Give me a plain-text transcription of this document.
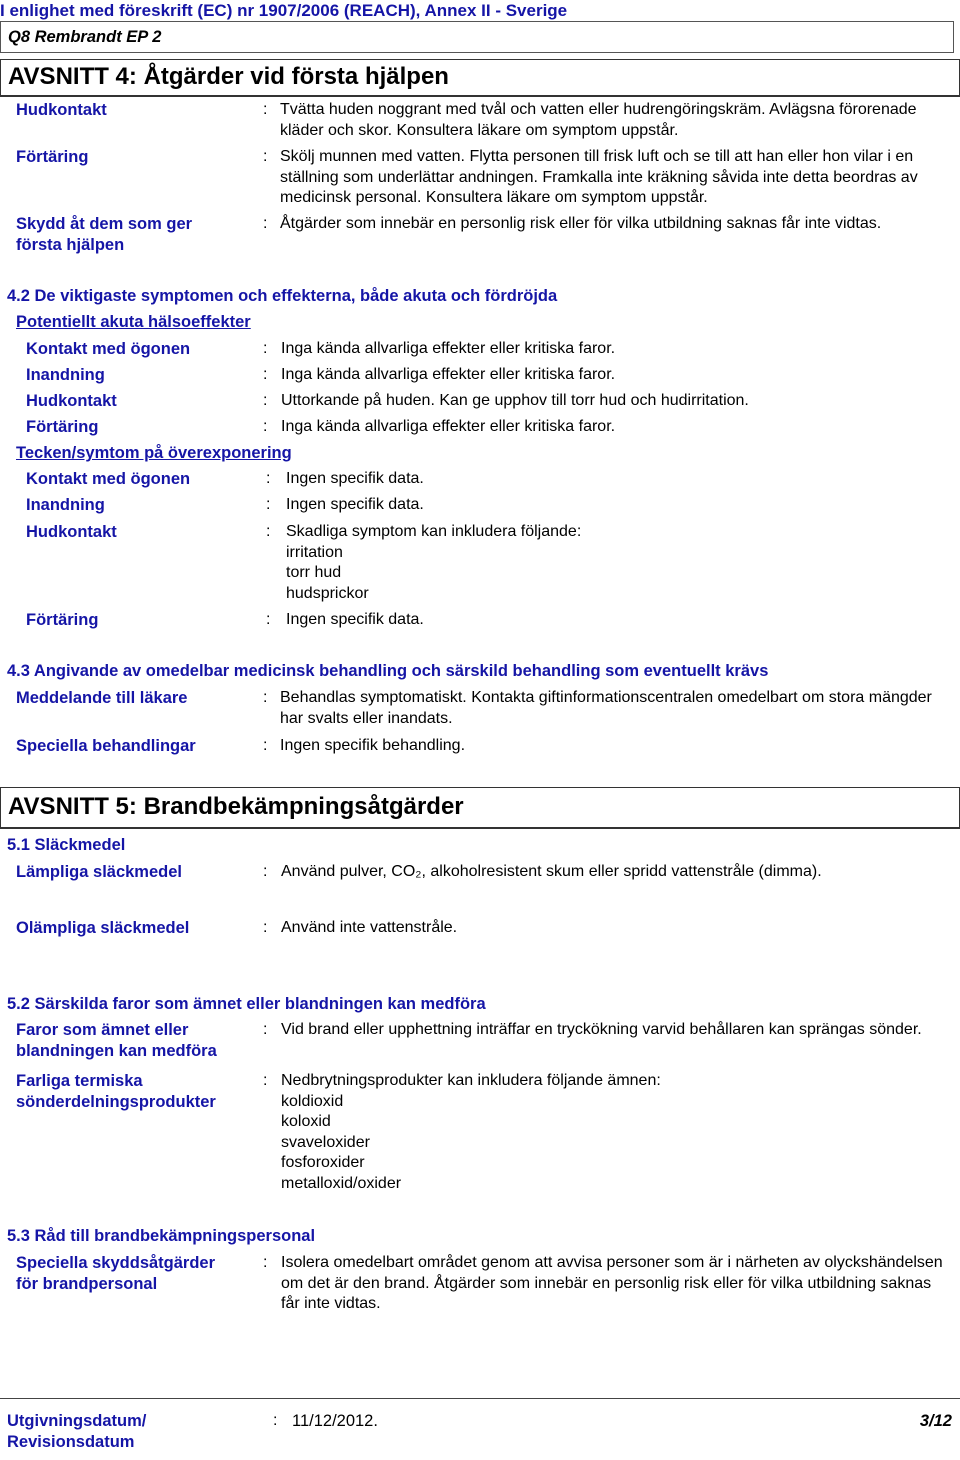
I enlighet med föreskrift (EC) nr 1907/2006 (REACH), Annex II - Sverige
Q8 Rembrandt EP 2
AVSNITT 4: Åtgärder vid första hjälpen
Hudkontakt	: Tvätta huden noggrant med tvål och vatten eller hudrengöringskräm. Avlägsna förorenade kläder och skor. Konsultera läkare om symptom uppstår.
Förtäring	: Skölj munnen med vatten. Flytta personen till frisk luft och se till att han eller hon vilar i en ställning som underlättar andningen. Framkalla inte kräkning såvida inte detta beordras av medicinsk personal. Konsultera läkare om symptom uppstår.
Skydd åt dem som ger första hjälpen
: Åtgärder som innebär en personlig risk eller för vilka utbildning saknas får inte vidtas.
4.2 De viktigaste symptomen och effekterna, både akuta och fördröjda
Potentiellt akuta hälsoeffekter
Kontakt med ögonen	: Inga kända allvarliga effekter eller kritiska faror.
Inandning	: Inga kända allvarliga effekter eller kritiska faror.
Hudkontakt	: Uttorkande på huden. Kan ge upphov till torr hud och hudirritation.
Förtäring	: Inga kända allvarliga effekter eller kritiska faror.
Tecken/symtom på överexponering
Kontakt med ögonen	: Ingen specifik data.
Inandning	: Ingen specifik data.
Hudkontakt	: Skadliga symptom kan inkludera följande:
irritation
torr hud
hudsprickor
Förtäring	: Ingen specifik data.
4.3 Angivande av omedelbar medicinsk behandling och särskild behandling som eventuellt krävs
Meddelande till läkare	: Behandlas symptomatiskt. Kontakta giftinformationscentralen omedelbart om stora mängder har svalts eller inandats.
Speciella behandlingar	: Ingen specifik behandling.
AVSNITT 5: Brandbekämpningsåtgärder
5.1 Släckmedel
Lämpliga släckmedel	: Använd pulver, CO₂, alkoholresistent skum eller spridd vattenstråle (dimma).
Olämpliga släckmedel	: Använd inte vattenstråle.
5.2 Särskilda faror som ämnet eller blandningen kan medföra
Faror som ämnet eller blandningen kan medföra
: Vid brand eller upphettning inträffar en tryckökning varvid behållaren kan sprängas sönder.
Farliga termiska sönderdelningsprodukter
: Nedbrytningsprodukter kan inkludera följande ämnen:
koldioxid
koloxid
svaveloxider
fosforoxider
metalloxid/oxider
5.3 Råd till brandbekämpningspersonal
Speciella skyddsåtgärder för brandpersonal
: Isolera omedelbart området genom att avvisa personer som är i närheten av olyckshändelsen om det är den brand. Åtgärder som innebär en personlig risk eller för vilka utbildning saknas får inte vidtas.
Utgivningsdatum/ Revisionsdatum
: 11/12/2012.	3/12
